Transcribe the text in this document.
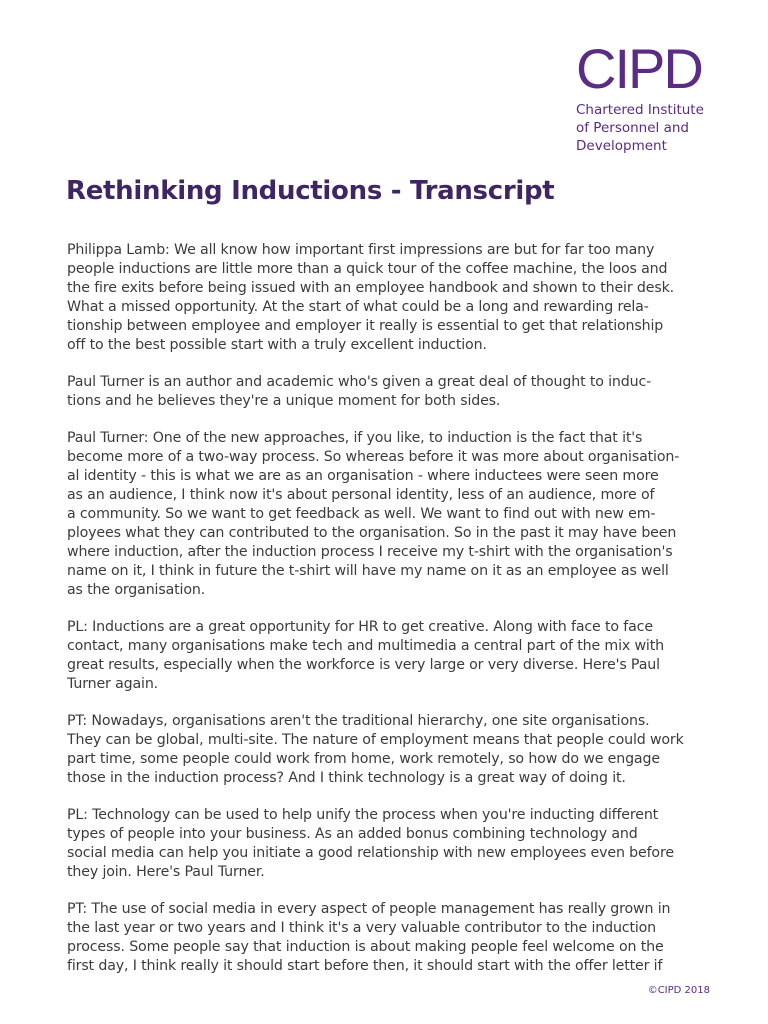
CIPD
Chartered Institute
of Personnel and
Development
Rethinking Inductions - Transcript

Philippa Lamb: We all know how important first impressions are but for far too many
people inductions are little more than a quick tour of the coffee machine, the loos and
the fire exits before being issued with an employee handbook and shown to their desk.
What a missed opportunity. At the start of what could be a long and rewarding rela-
tionship between employee and employer it really is essential to get that relationship
off to the best possible start with a truly excellent induction.

Paul Turner is an author and academic who's given a great deal of thought to induc-
tions and he believes they're a unique moment for both sides.

Paul Turner: One of the new approaches, if you like, to induction is the fact that it's
become more of a two-way process. So whereas before it was more about organisation-
al identity - this is what we are as an organisation - where inductees were seen more
as an audience, I think now it's about personal identity, less of an audience, more of
a community. So we want to get feedback as well. We want to find out with new em-
ployees what they can contributed to the organisation. So in the past it may have been
where induction, after the induction process I receive my t-shirt with the organisation's
name on it, I think in future the t-shirt will have my name on it as an employee as well
as the organisation.

PL: Inductions are a great opportunity for HR to get creative. Along with face to face
contact, many organisations make tech and multimedia a central part of the mix with
great results, especially when the workforce is very large or very diverse. Here's Paul
Turner again.

PT: Nowadays, organisations aren't the traditional hierarchy, one site organisations.
They can be global, multi-site. The nature of employment means that people could work
part time, some people could work from home, work remotely, so how do we engage
those in the induction process? And I think technology is a great way of doing it.

PL: Technology can be used to help unify the process when you're inducting different
types of people into your business. As an added bonus combining technology and
social media can help you initiate a good relationship with new employees even before
they join. Here's Paul Turner.

PT: The use of social media in every aspect of people management has really grown in
the last year or two years and I think it's a very valuable contributor to the induction
process. Some people say that induction is about making people feel welcome on the
first day, I think really it should start before then, it should start with the offer letter if

©CIPD 2018
